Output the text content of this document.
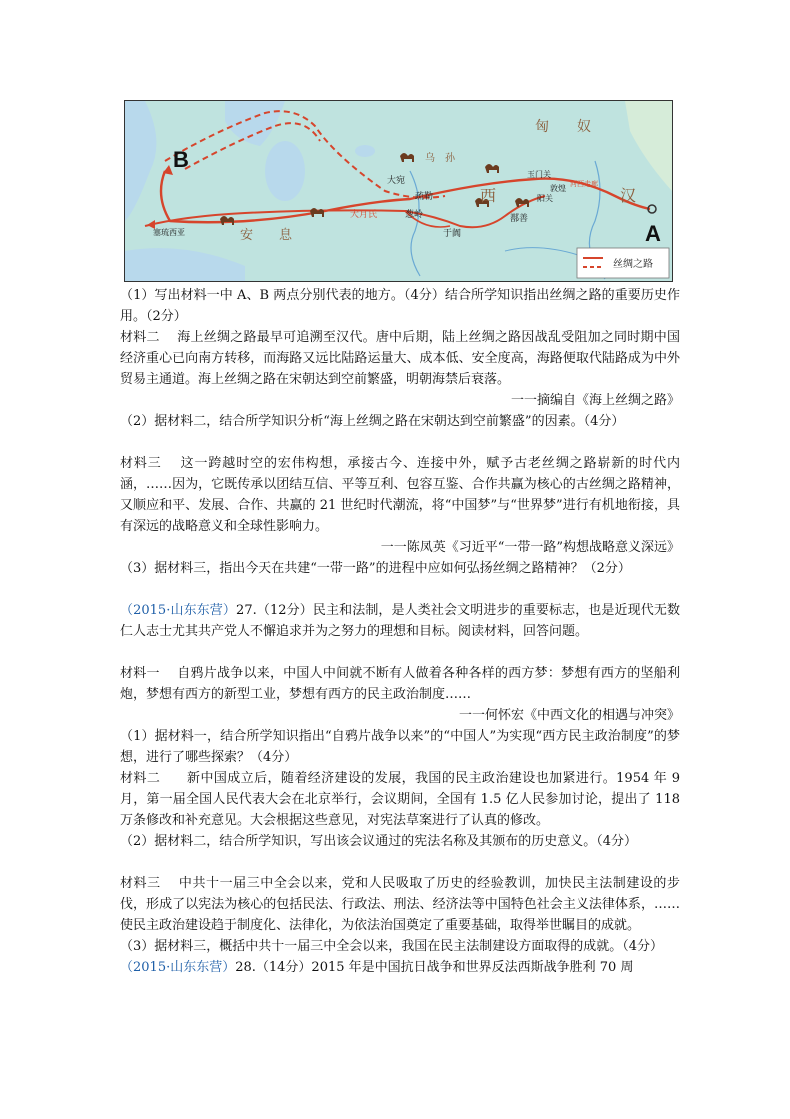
B
A
匈　　奴
汉
西
安　　息
大宛
大月氏
疏勒
葱岭
于阗
鄯善
玉门关
阳关
敦煌 河西走廊
塞琉西亚
乌　孙
丝绸之路

（1）写出材料一中 A、B 两点分别代表的地方。（4分）结合所学知识指出丝绸之路的重要历史作用。（2分）

材料二　 海上丝绸之路最早可追溯至汉代。唐中后期，陆上丝绸之路因战乱受阻加之同时期中国经济重心已向南方转移，而海路又远比陆路运量大、成本低、安全度高，海路便取代陆路成为中外贸易主通道。海上丝绸之路在宋朝达到空前繁盛，明朝海禁后衰落。

一一摘编自《海上丝绸之路》

（2）据材料二，结合所学知识分析“海上丝绸之路在宋朝达到空前繁盛”的因素。（4分）

材料三　 这一跨越时空的宏伟构想，承接古今、连接中外，赋予古老丝绸之路崭新的时代内涵，……因为，它既传承以团结互信、平等互利、包容互鉴、合作共赢为核心的古丝绸之路精神，又顺应和平、发展、合作、共赢的 21 世纪时代潮流，将“中国梦”与“世界梦”进行有机地衔接，具有深远的战略意义和全球性影响力。

一一陈凤英《习近平“一带一路”构想战略意义深远》

（3）据材料三，指出今天在共建“一带一路”的进程中应如何弘扬丝绸之路精神？（2分）

（2015·山东东营）27.（12分）民主和法制，是人类社会文明进步的重要标志，也是近现代无数仁人志士尤其共产党人不懈追求并为之努力的理想和目标。阅读材料，回答问题。

材料一　 自鸦片战争以来，中国人中间就不断有人做着各种各样的西方梦：梦想有西方的坚船利炮，梦想有西方的新型工业，梦想有西方的民主政治制度……

一一何怀宏《中西文化的相遇与冲突》

（1）据材料一，结合所学知识指出“自鸦片战争以来”的“中国人”为实现“西方民主政治制度”的梦想，进行了哪些探索？（4分）

材料二　　新中国成立后，随着经济建设的发展，我国的民主政治建设也加紧进行。1954 年 9 月，第一届全国人民代表大会在北京举行，会议期间，全国有 1.5 亿人民参加讨论，提出了 118 万条修改和补充意见。大会根据这些意见，对宪法草案进行了认真的修改。

（2）据材料二，结合所学知识，写出该会议通过的宪法名称及其颁布的历史意义。（4分）

材料三　 中共十一届三中全会以来，党和人民吸取了历史的经验教训，加快民主法制建设的步伐，形成了以宪法为核心的包括民法、行政法、刑法、经济法等中国特色社会主义法律体系，……使民主政治建设趋于制度化、法律化，为依法治国奠定了重要基础，取得举世瞩目的成就。

（3）据材料三，概括中共十一届三中全会以来，我国在民主法制建设方面取得的成就。（4分）

（2015·山东东营）28.（14分）2015 年是中国抗日战争和世界反法西斯战争胜利 70 周
